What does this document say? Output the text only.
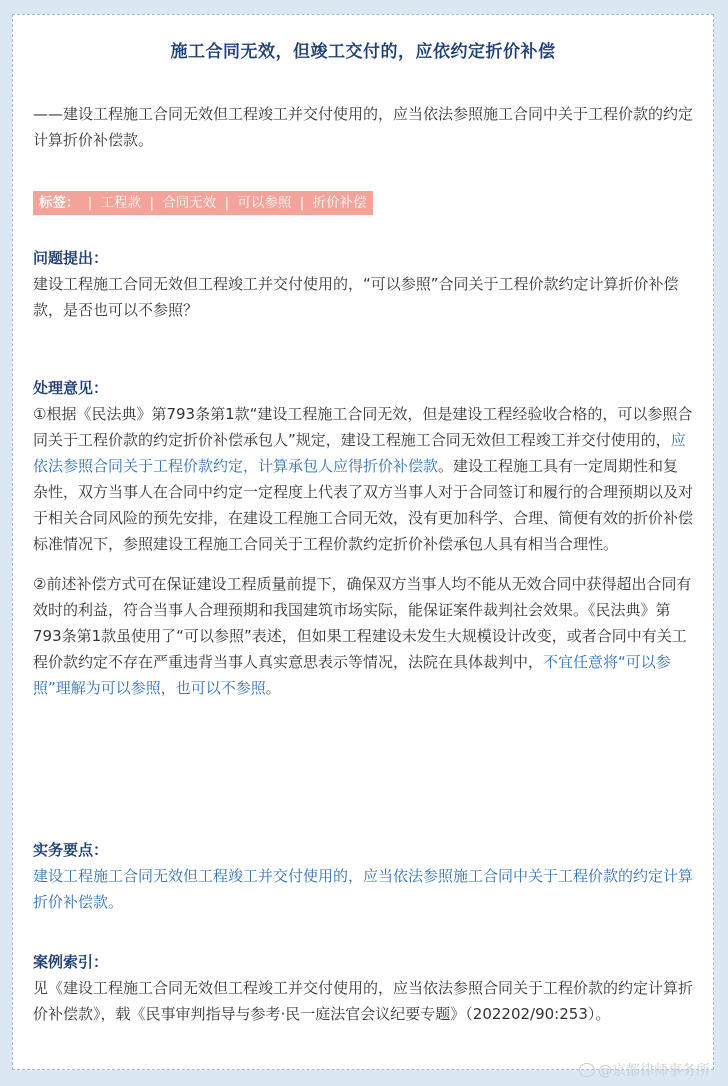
施工合同无效，但竣工交付的，应依约定折价补偿
——建设工程施工合同无效但工程竣工并交付使用的，应当依法参照施工合同中关于工程价款的约定计算折价补偿款。
标签： | 工程款 | 合同无效 | 可以参照 | 折价补偿
问题提出：

建设工程施工合同无效但工程竣工并交付使用的，“可以参照”合同关于工程价款约定计算折价补偿款，是否也可以不参照？

处理意见：

①根据《民法典》第793条第1款“建设工程施工合同无效，但是建设工程经验收合格的，可以参照合同关于工程价款的约定折价补偿承包人”规定，建设工程施工合同无效但工程竣工并交付使用的，应依法参照合同关于工程价款约定，计算承包人应得折价补偿款。建设工程施工具有一定周期性和复杂性，双方当事人在合同中约定一定程度上代表了双方当事人对于合同签订和履行的合理预期以及对于相关合同风险的预先安排，在建设工程施工合同无效，没有更加科学、合理、简便有效的折价补偿标准情况下，参照建设工程施工合同关于工程价款约定折价补偿承包人具有相当合理性。

②前述补偿方式可在保证建设工程质量前提下，确保双方当事人均不能从无效合同中获得超出合同有效时的利益，符合当事人合理预期和我国建筑市场实际，能保证案件裁判社会效果。《民法典》第793条第1款虽使用了“可以参照”表述，但如果工程建设未发生大规模设计改变，或者合同中有关工程价款约定不存在严重违背当事人真实意思表示等情况，法院在具体裁判中，不宜任意将“可以参照”理解为可以参照，也可以不参照。

实务要点：

建设工程施工合同无效但工程竣工并交付使用的，应当依法参照施工合同中关于工程价款的约定计算折价补偿款。

案例索引：

见《建设工程施工合同无效但工程竣工并交付使用的，应当依法参照合同关于工程价款的约定计算折价补偿款》，载《民事审判指导与参考·民一庭法官会议纪要专题》（202202/90:253）。

@京都律师事务所
